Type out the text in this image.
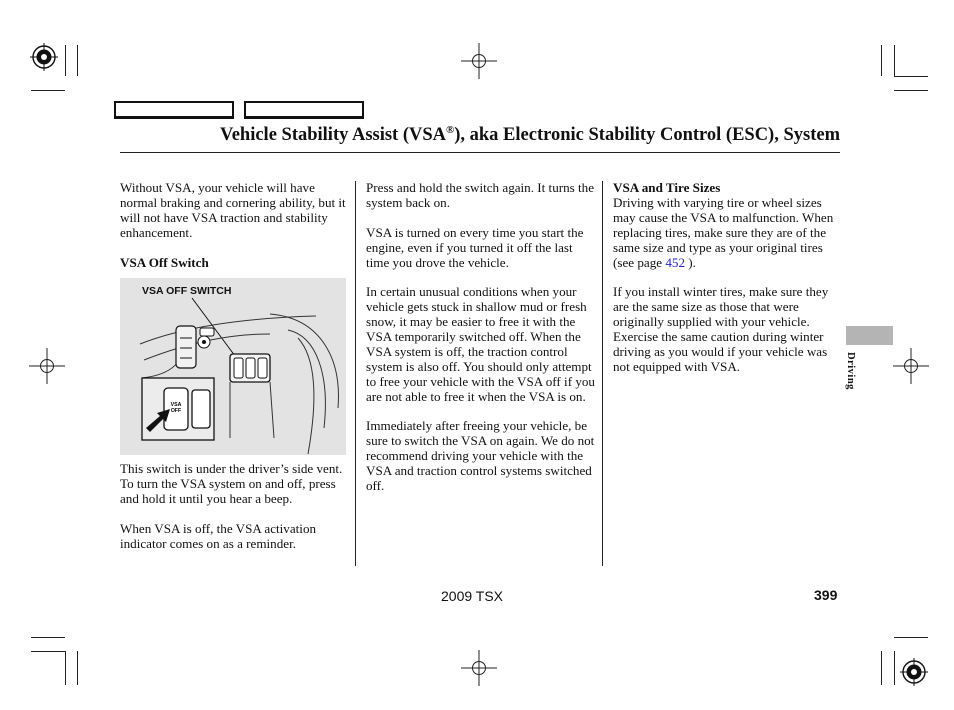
Vehicle Stability Assist (VSA®), aka Electronic Stability Control (ESC), System

Without VSA, your vehicle will have normal braking and cornering ability, but it will not have VSA traction and stability enhancement.

VSA Off Switch

VSA OFF SWITCH
VSA OFF

This switch is under the driver’s side vent. To turn the VSA system on and off, press and hold it until you hear a beep.

When VSA is off, the VSA activation indicator comes on as a reminder.

Press and hold the switch again. It turns the system back on.

VSA is turned on every time you start the engine, even if you turned it off the last time you drove the vehicle.

In certain unusual conditions when your vehicle gets stuck in shallow mud or fresh snow, it may be easier to free it with the VSA temporarily switched off. When the VSA system is off, the traction control system is also off. You should only attempt to free your vehicle with the VSA off if you are not able to free it when the VSA is on.

Immediately after freeing your vehicle, be sure to switch the VSA on again. We do not recommend driving your vehicle with the VSA and traction control systems switched off.

VSA and Tire Sizes

Driving with varying tire or wheel sizes may cause the VSA to malfunction. When replacing tires, make sure they are of the same size and type as your original tires (see page 452 ).

If you install winter tires, make sure they are the same size as those that were originally supplied with your vehicle. Exercise the same caution during winter driving as you would if your vehicle was not equipped with VSA.	Driving
2009 TSX	399
